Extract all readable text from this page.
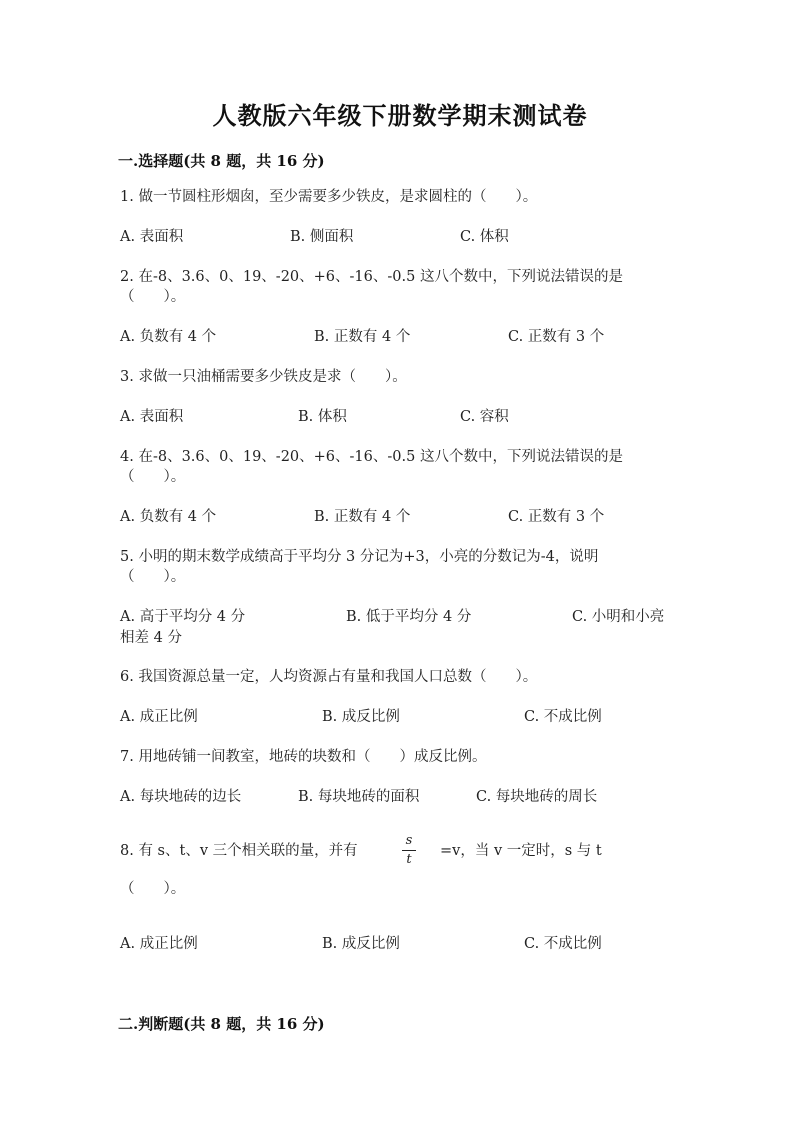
人教版六年级下册数学期末测试卷
一.选择题(共 8 题，共 16 分)
1. 做一节圆柱形烟囱，至少需要多少铁皮，是求圆柱的（　　）。
A. 表面积	B. 侧面积	C. 体积
2. 在-8、3.6、0、19、-20、+6、-16、-0.5 这八个数中，下列说法错误的是
（　　）。
A. 负数有 4 个	B. 正数有 4 个	C. 正数有 3 个
3. 求做一只油桶需要多少铁皮是求（　　）。
A. 表面积	B. 体积	C. 容积
4. 在-8、3.6、0、19、-20、+6、-16、-0.5 这八个数中，下列说法错误的是
（　　）。
A. 负数有 4 个	B. 正数有 4 个	C. 正数有 3 个
5. 小明的期末数学成绩高于平均分 3 分记为+3，小亮的分数记为-4，说明
（　　）。
A. 高于平均分 4 分	B. 低于平均分 4 分	C. 小明和小亮
相差 4 分
6. 我国资源总量一定，人均资源占有量和我国人口总数（　　）。
A. 成正比例	B. 成反比例	C. 不成比例
7. 用地砖铺一间教室，地砖的块数和（　　）成反比例。
A. 每块地砖的边长	B. 每块地砖的面积	C. 每块地砖的周长
8. 有 s、t、v 三个相关联的量，并有
s
t
=v，当 v 一定时，s 与 t
（　　）。
A. 成正比例	B. 成反比例	C. 不成比例
二.判断题(共 8 题，共 16 分)
